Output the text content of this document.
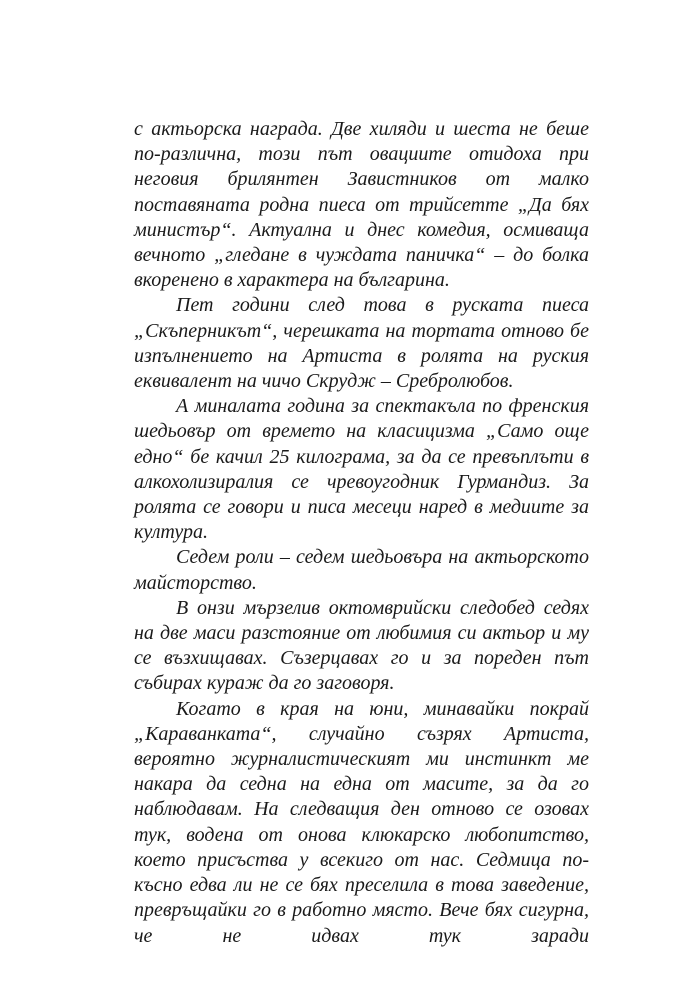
с актьорска награда. Две хиляди и шеста не беше по-различна, този път овациите отидоха при неговия брилянтен Завистников от малко поставяната родна пиеса от трийсетте „Да бях министър“. Актуална и днес комедия, осмиваща вечното „гледане в чуждата паничка“ – до болка вкоренено в характера на българина.

Пет години след това в руската пиеса „Скъперникът“, черешката на тортата отново бе изпълнението на Артиста в ролята на руския еквивалент на чичо Скрудж – Сребролюбов.

А миналата година за спектакъла по френския шедьовър от времето на класицизма „Само още едно“ бе качил 25 килограма, за да се превъплъти в алкохолизиралия се чревоугодник Гурмандиз. За ролята се говори и писа месеци наред в медиите за култура.

Седем роли – седем шедьовъра на актьорското майсторство.

В онзи мързелив октомврийски следобед седях на две маси разстояние от любимия си актьор и му се възхищавах. Съзерцавах го и за пореден път събирах кураж да го заговоря.

Когато в края на юни, минавайки покрай „Караванката“, случайно съзрях Артиста, вероятно журналистическият ми инстинкт ме накара да седна на една от масите, за да го наблюдавам. На следващия ден отново се озовах тук, водена от онова клюкарско любопитство, което присъства у всекиго от нас. Седмица по-късно едва ли не се бях преселила в това заведение, превръщайки го в работно място. Вече бях сигурна, че не идвах тук заради
